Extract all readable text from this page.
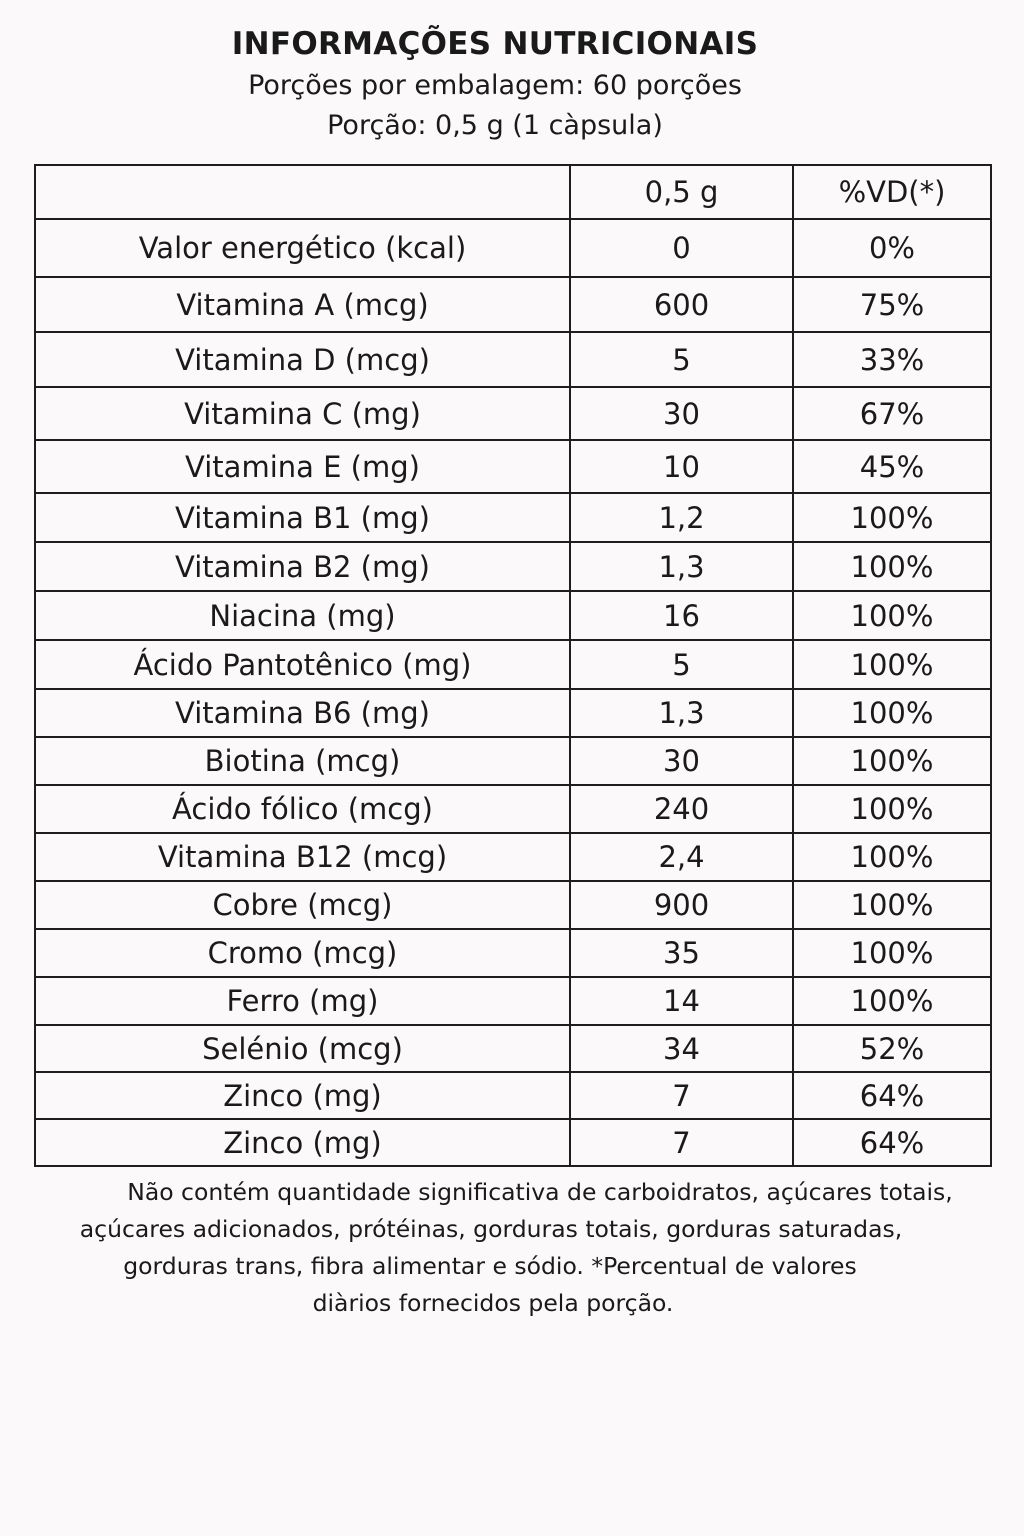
INFORMAÇÕES NUTRICIONAIS
Porções por embalagem: 60 porções
Porção: 0,5 g (1 càpsula)
	0,5 g	%VD(*)
Valor energético (kcal)	0	0%
Vitamina A (mcg)	600	75%
Vitamina D (mcg)	5	33%
Vitamina C (mg)	30	67%
Vitamina E (mg)	10	45%
Vitamina B1 (mg)	1,2	100%
Vitamina B2 (mg)	1,3	100%
Niacina (mg)	16	100%
Ácido Pantotênico (mg)	5	100%
Vitamina B6 (mg)	1,3	100%
Biotina (mcg)	30	100%
Ácido fólico (mcg)	240	100%
Vitamina B12 (mcg)	2,4	100%
Cobre (mcg)	900	100%
Cromo (mcg)	35	100%
Ferro (mg)	14	100%
Selénio (mcg)	34	52%
Zinco (mg)	7	64%
Zinco (mg)	7	64%
Não contém quantidade significativa de carboidratos, açúcares totais,
açúcares adicionados, prótéinas, gorduras totais, gorduras saturadas,
gorduras trans, fibra alimentar e sódio. *Percentual de valores
diàrios fornecidos pela porção.
